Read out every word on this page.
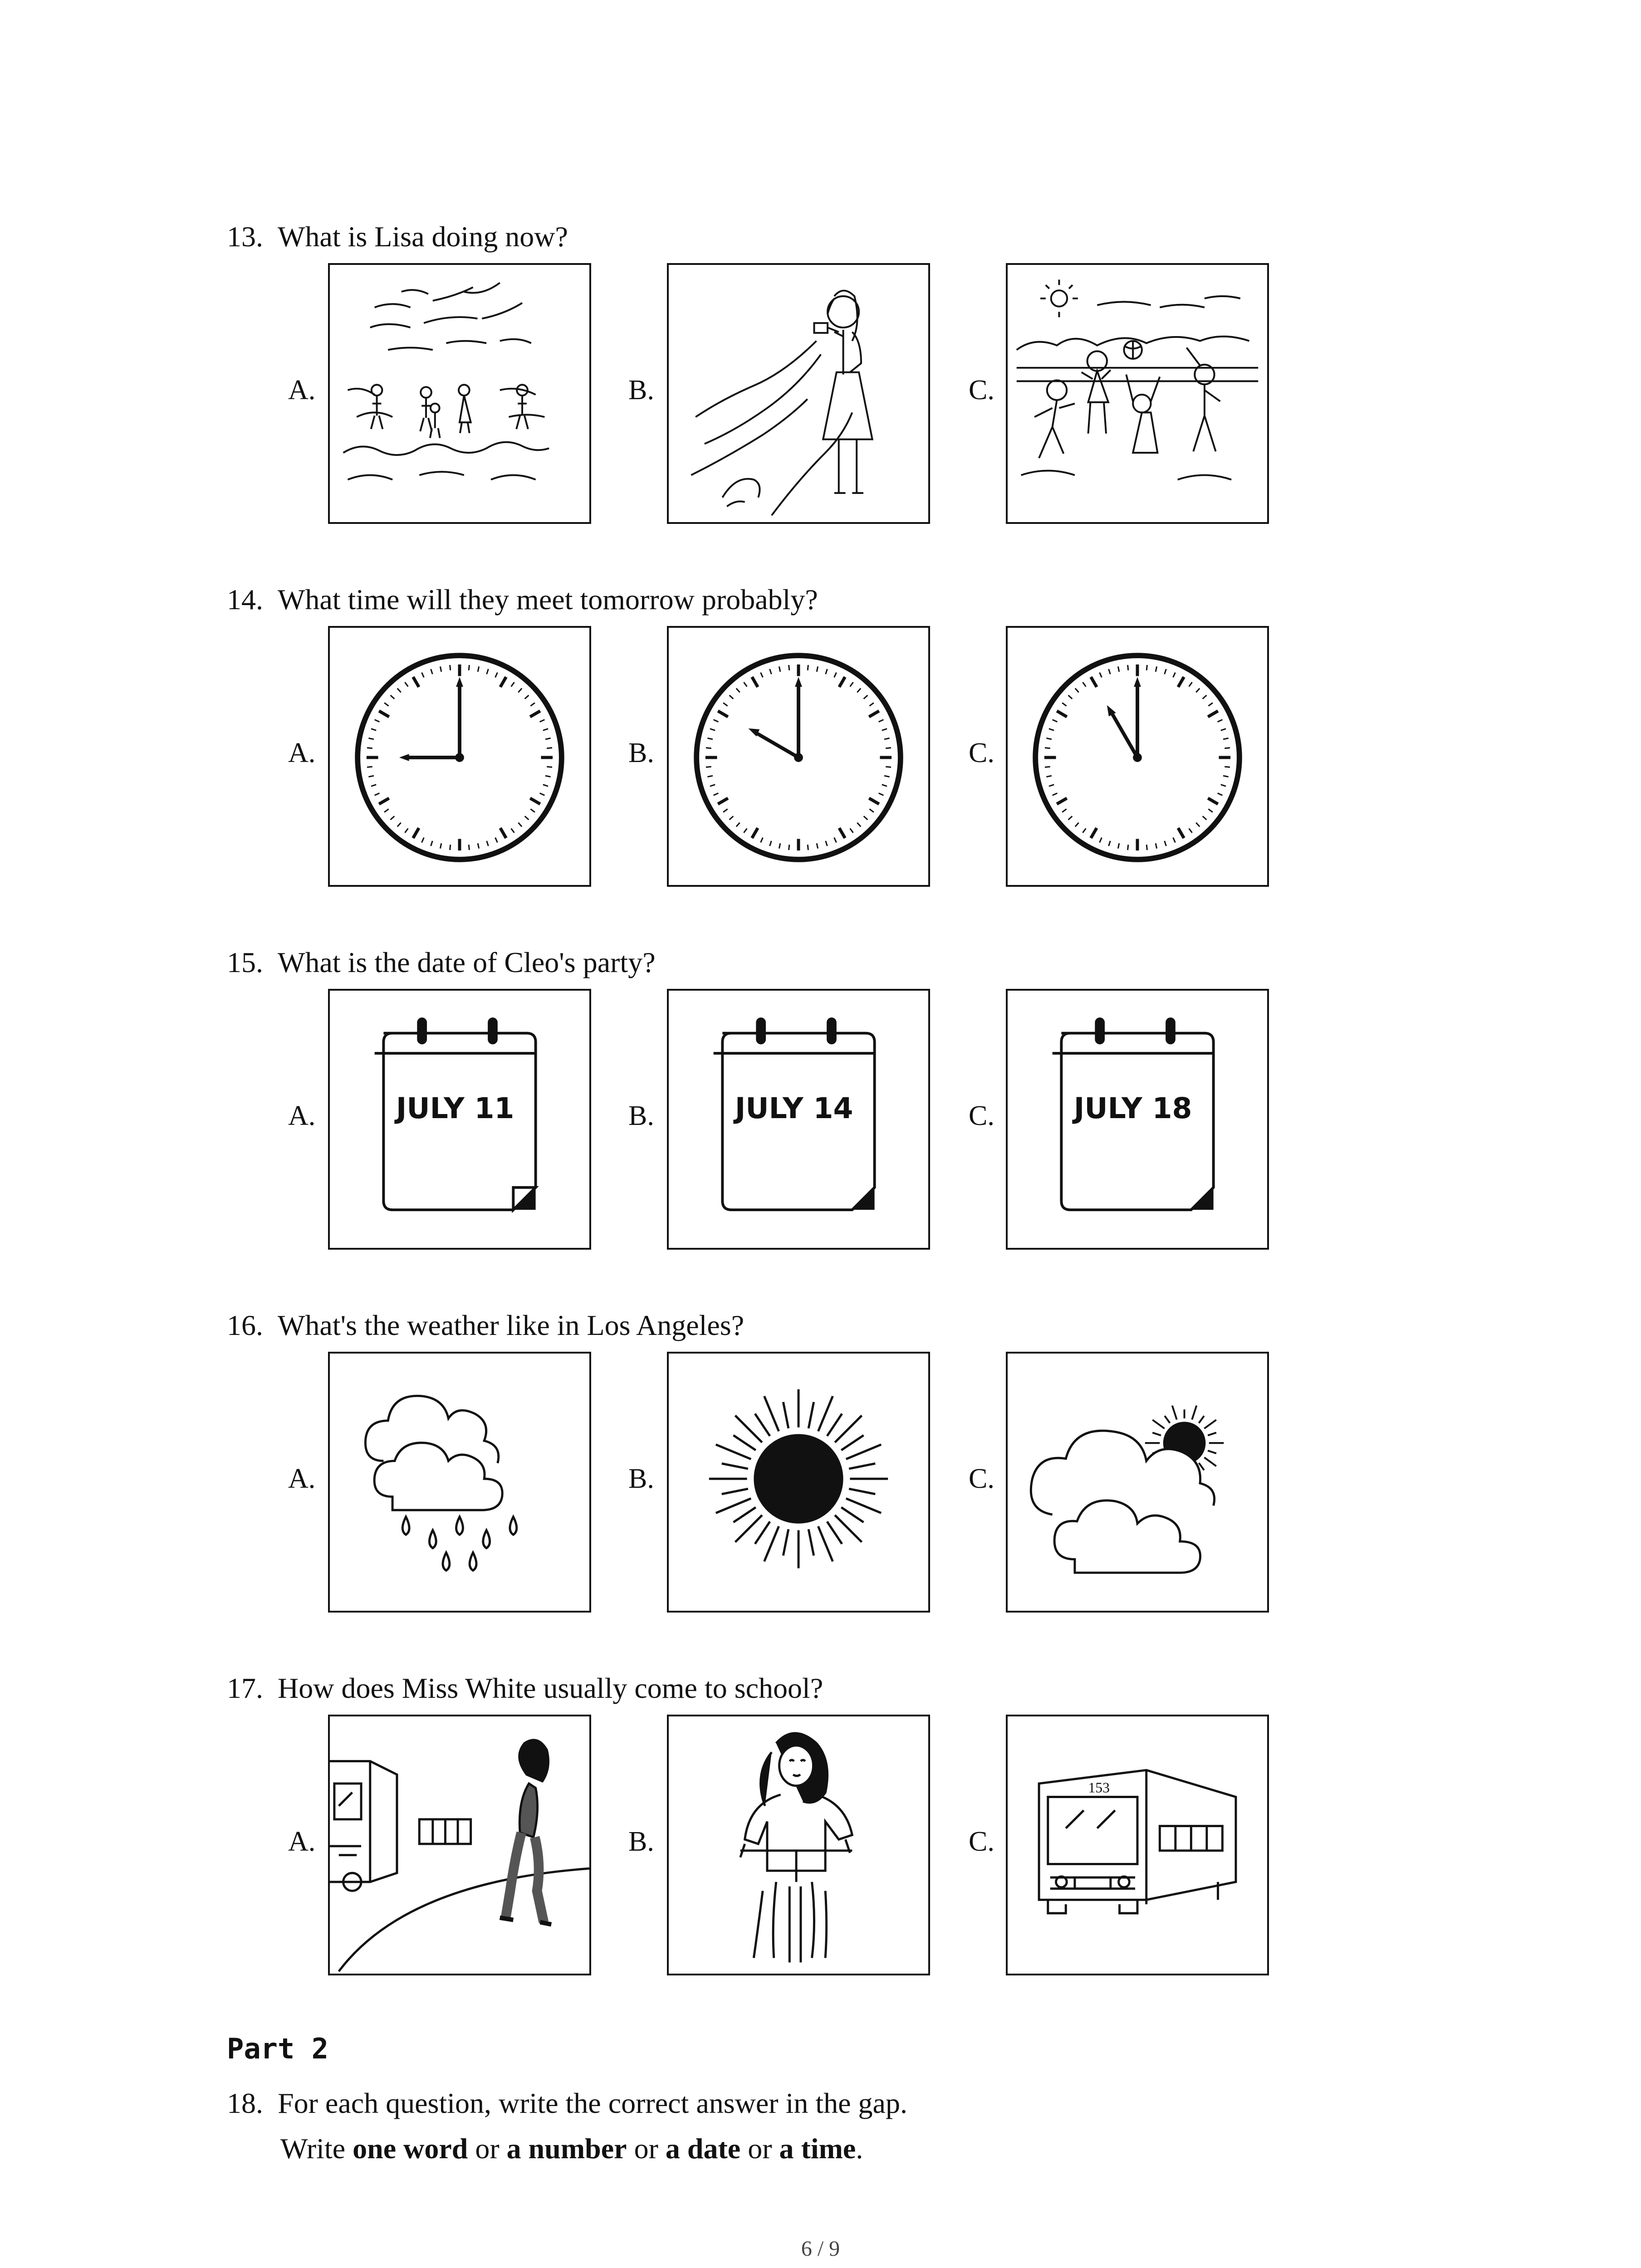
13. What is Lisa doing now?
A.	B.	C.
14. What time will they meet tomorrow probably?
A.	B.	C.
15. What is the date of Cleo's party?
A.	B.	C.
JULY 11	JULY 14	JULY 18
16. What's the weather like in Los Angeles?
A.	B.	C.
17. How does Miss White usually come to school?
A.	B.	C.
153
Part 2
18. For each question, write the correct answer in the gap.
Write one word or a number or a date or a time.
6 / 9
